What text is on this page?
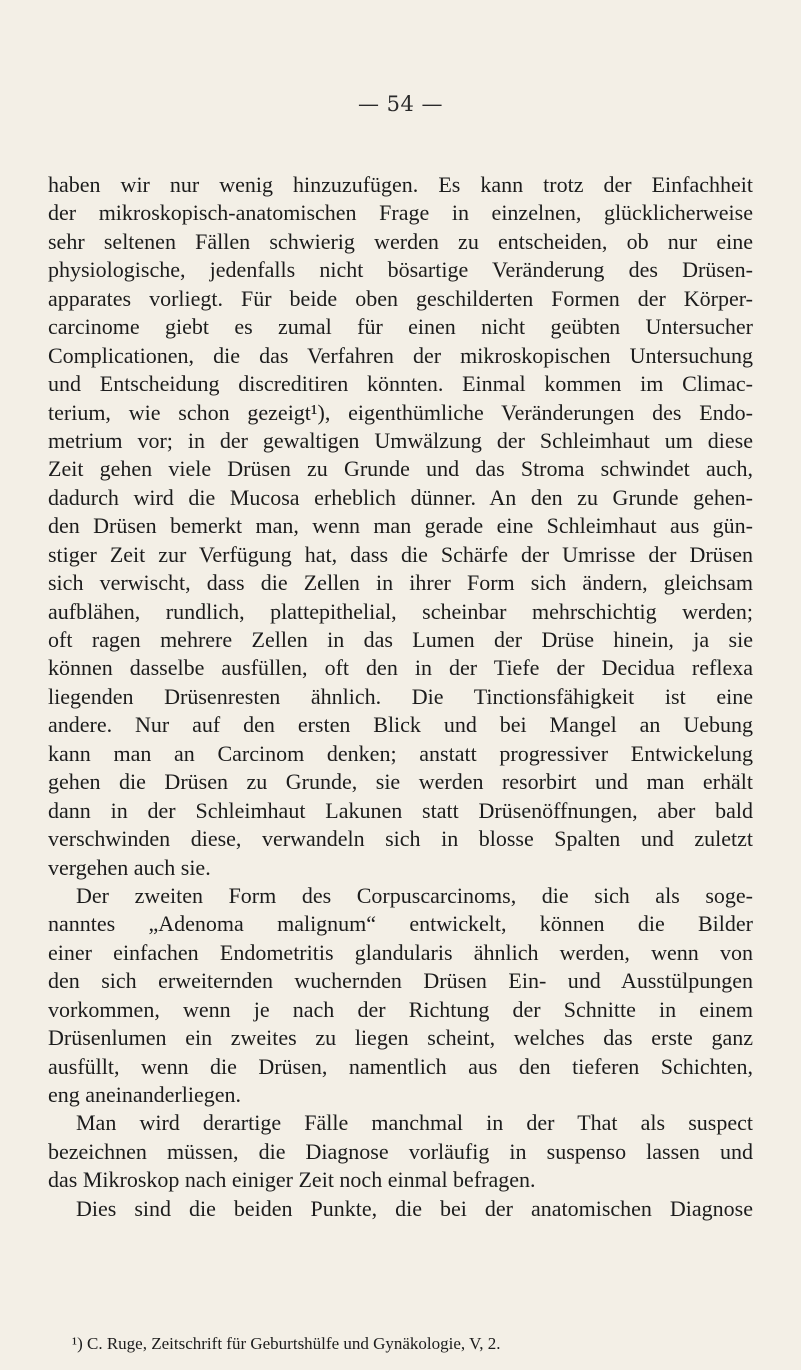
— 54 —
haben wir nur wenig hinzuzufügen. Es kann trotz der Einfachheit
der mikroskopisch-anatomischen Frage in einzelnen, glücklicherweise
sehr seltenen Fällen schwierig werden zu entscheiden, ob nur eine
physiologische, jedenfalls nicht bösartige Veränderung des Drüsen-
apparates vorliegt. Für beide oben geschilderten Formen der Körper-
carcinome giebt es zumal für einen nicht geübten Untersucher
Complicationen, die das Verfahren der mikroskopischen Untersuchung
und Entscheidung discreditiren könnten. Einmal kommen im Climac-
terium, wie schon gezeigt¹), eigenthümliche Veränderungen des Endo-
metrium vor; in der gewaltigen Umwälzung der Schleimhaut um diese
Zeit gehen viele Drüsen zu Grunde und das Stroma schwindet auch,
dadurch wird die Mucosa erheblich dünner. An den zu Grunde gehen-
den Drüsen bemerkt man, wenn man gerade eine Schleimhaut aus gün-
stiger Zeit zur Verfügung hat, dass die Schärfe der Umrisse der Drüsen
sich verwischt, dass die Zellen in ihrer Form sich ändern, gleichsam
aufblähen, rundlich, plattepithelial, scheinbar mehrschichtig werden;
oft ragen mehrere Zellen in das Lumen der Drüse hinein, ja sie
können dasselbe ausfüllen, oft den in der Tiefe der Decidua reflexa
liegenden Drüsenresten ähnlich. Die Tinctionsfähigkeit ist eine
andere. Nur auf den ersten Blick und bei Mangel an Uebung
kann man an Carcinom denken; anstatt progressiver Entwickelung
gehen die Drüsen zu Grunde, sie werden resorbirt und man erhält
dann in der Schleimhaut Lakunen statt Drüsenöffnungen, aber bald
verschwinden diese, verwandeln sich in blosse Spalten und zuletzt
vergehen auch sie.
Der zweiten Form des Corpuscarcinoms, die sich als soge-
nanntes „Adenoma malignum“ entwickelt, können die Bilder
einer einfachen Endometritis glandularis ähnlich werden, wenn von
den sich erweiternden wuchernden Drüsen Ein- und Ausstülpungen
vorkommen, wenn je nach der Richtung der Schnitte in einem
Drüsenlumen ein zweites zu liegen scheint, welches das erste ganz
ausfüllt, wenn die Drüsen, namentlich aus den tieferen Schichten,
eng aneinanderliegen.
Man wird derartige Fälle manchmal in der That als suspect
bezeichnen müssen, die Diagnose vorläufig in suspenso lassen und
das Mikroskop nach einiger Zeit noch einmal befragen.
Dies sind die beiden Punkte, die bei der anatomischen Diagnose
¹) C. Ruge, Zeitschrift für Geburtshülfe und Gynäkologie, V, 2.
